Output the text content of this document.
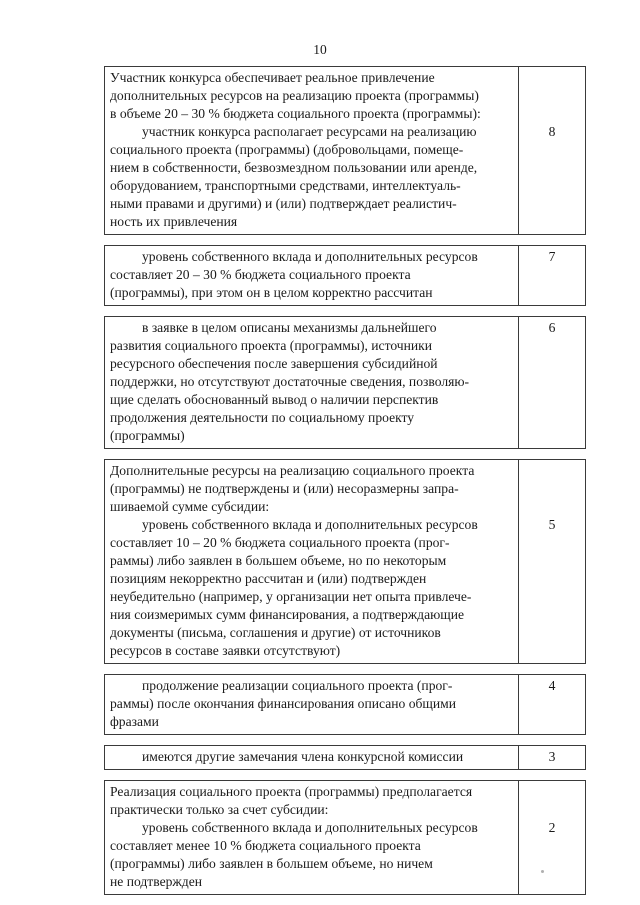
10
Участник конкурса обеспечивает реальное привлечение
дополнительных ресурсов на реализацию проекта (программы)
в объеме 20 – 30 % бюджета социального проекта (программы):
участник конкурса располагает ресурсами на реализацию
социального проекта (программы) (добровольцами, помеще-
нием в собственности, безвозмездном пользовании или аренде,
оборудованием, транспортными средствами, интеллектуаль-
ными правами и другими) и (или) подтверждает реалистич-
ность их привлечения
8
уровень собственного вклада и дополнительных ресурсов
составляет 20 – 30 % бюджета социального проекта
(программы), при этом он в целом корректно рассчитан
7
в заявке в целом описаны механизмы дальнейшего
развития социального проекта (программы), источники
ресурсного обеспечения после завершения субсидийной
поддержки, но отсутствуют достаточные сведения, позволяю-
щие сделать обоснованный вывод о наличии перспектив
продолжения деятельности по социальному проекту
(программы)
6
Дополнительные ресурсы на реализацию социального проекта
(программы) не подтверждены и (или) несоразмерны запра-
шиваемой сумме субсидии:
уровень собственного вклада и дополнительных ресурсов
составляет 10 – 20 % бюджета социального проекта (прог-
раммы) либо заявлен в большем объеме, но по некоторым
позициям некорректно рассчитан и (или) подтвержден
неубедительно (например, у организации нет опыта привлече-
ния соизмеримых сумм финансирования, а подтверждающие
документы (письма, соглашения и другие) от источников
ресурсов в составе заявки отсутствуют)
5
продолжение реализации социального проекта (прог-
раммы) после окончания финансирования описано общими
фразами
4
имеются другие замечания члена конкурсной комиссии	3
Реализация социального проекта (программы) предполагается
практически только за счет субсидии:
уровень собственного вклада и дополнительных ресурсов
составляет менее 10 % бюджета социального проекта
(программы) либо заявлен в большем объеме, но ничем
не подтвержден
2
